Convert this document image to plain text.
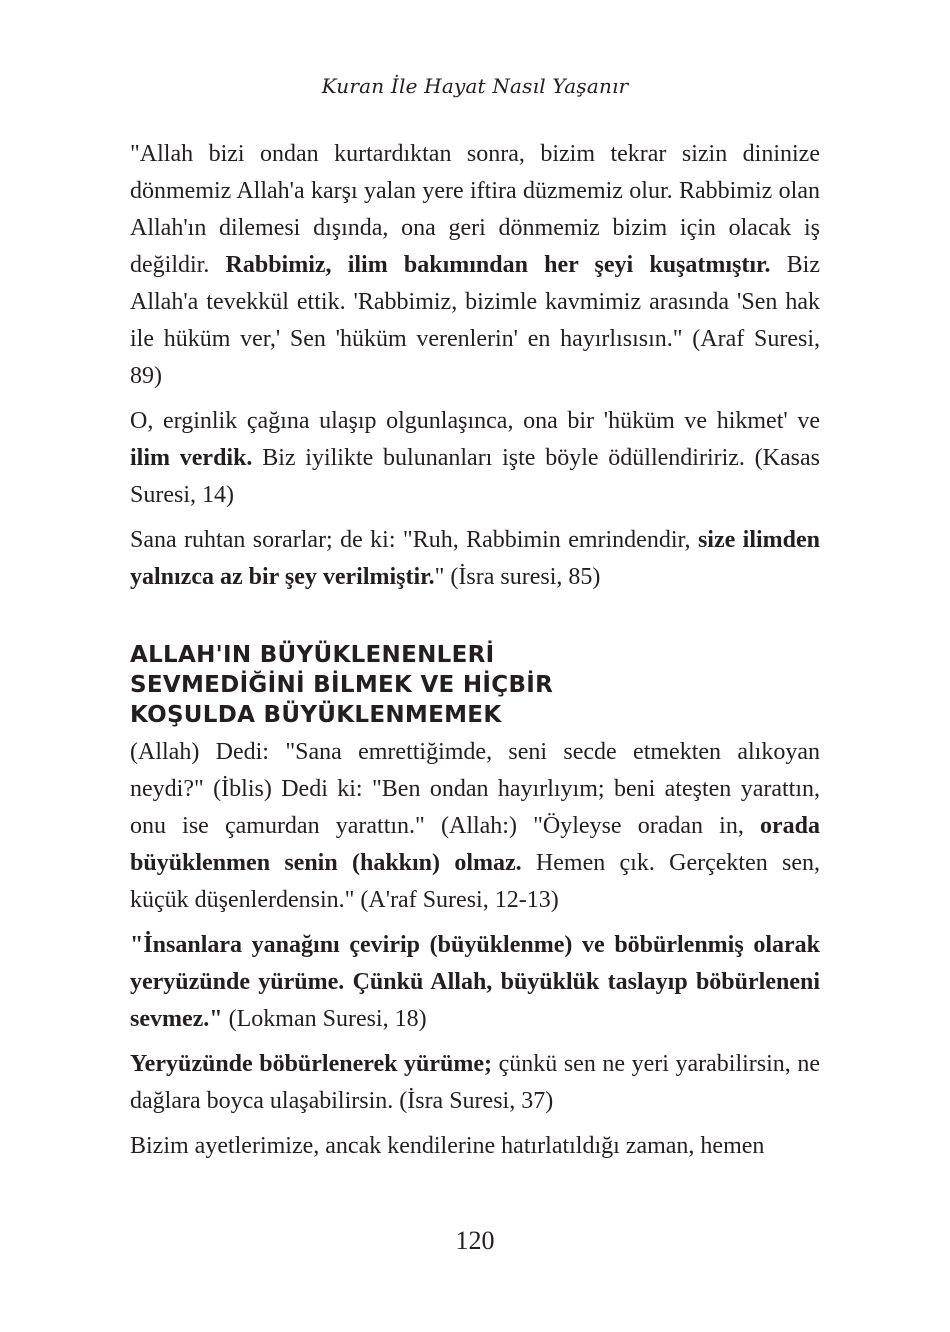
Kuran İle Hayat Nasıl Yaşanır

"Allah bizi ondan kurtardıktan sonra, bizim tekrar sizin dininize dönmemiz Allah'a karşı yalan yere iftira düzmemiz olur. Rabbimiz olan Allah'ın dilemesi dışında, ona geri dönmemiz bizim için olacak iş değildir. Rabbimiz, ilim bakımından her şeyi kuşatmıştır. Biz Allah'a tevekkül ettik. 'Rabbimiz, bizimle kavmimiz arasında 'Sen hak ile hüküm ver,' Sen 'hüküm verenlerin' en hayırlısısın." (Araf Suresi, 89)

O, erginlik çağına ulaşıp olgunlaşınca, ona bir 'hüküm ve hikmet' ve ilim verdik. Biz iyilikte bulunanları işte böyle ödüllendiririz. (Kasas Suresi, 14)

Sana ruhtan sorarlar; de ki: "Ruh, Rabbimin emrindendir, size ilimden yalnızca az bir şey verilmiştir." (İsra suresi, 85)

ALLAH'IN BÜYÜKLENENLERİ
SEVMEDİĞİNİ BİLMEK VE HİÇBİR
KOŞULDA BÜYÜKLENMEMEK

(Allah) Dedi: "Sana emrettiğimde, seni secde etmekten alıkoyan neydi?" (İblis) Dedi ki: "Ben ondan hayırlıyım; beni ateşten yarattın, onu ise çamurdan yarattın." (Allah:) "Öyleyse oradan in, orada büyüklenmen senin (hakkın) olmaz. Hemen çık. Gerçekten sen, küçük düşenlerdensin." (A'raf Suresi, 12-13)

"İnsanlara yanağını çevirip (büyüklenme) ve böbürlenmiş olarak yeryüzünde yürüme. Çünkü Allah, büyüklük taslayıp böbürleneni sevmez." (Lokman Suresi, 18)

Yeryüzünde böbürlenerek yürüme; çünkü sen ne yeri yarabilirsin, ne dağlara boyca ulaşabilirsin. (İsra Suresi, 37)

Bizim ayetlerimize, ancak kendilerine hatırlatıldığı zaman, hemen

120
